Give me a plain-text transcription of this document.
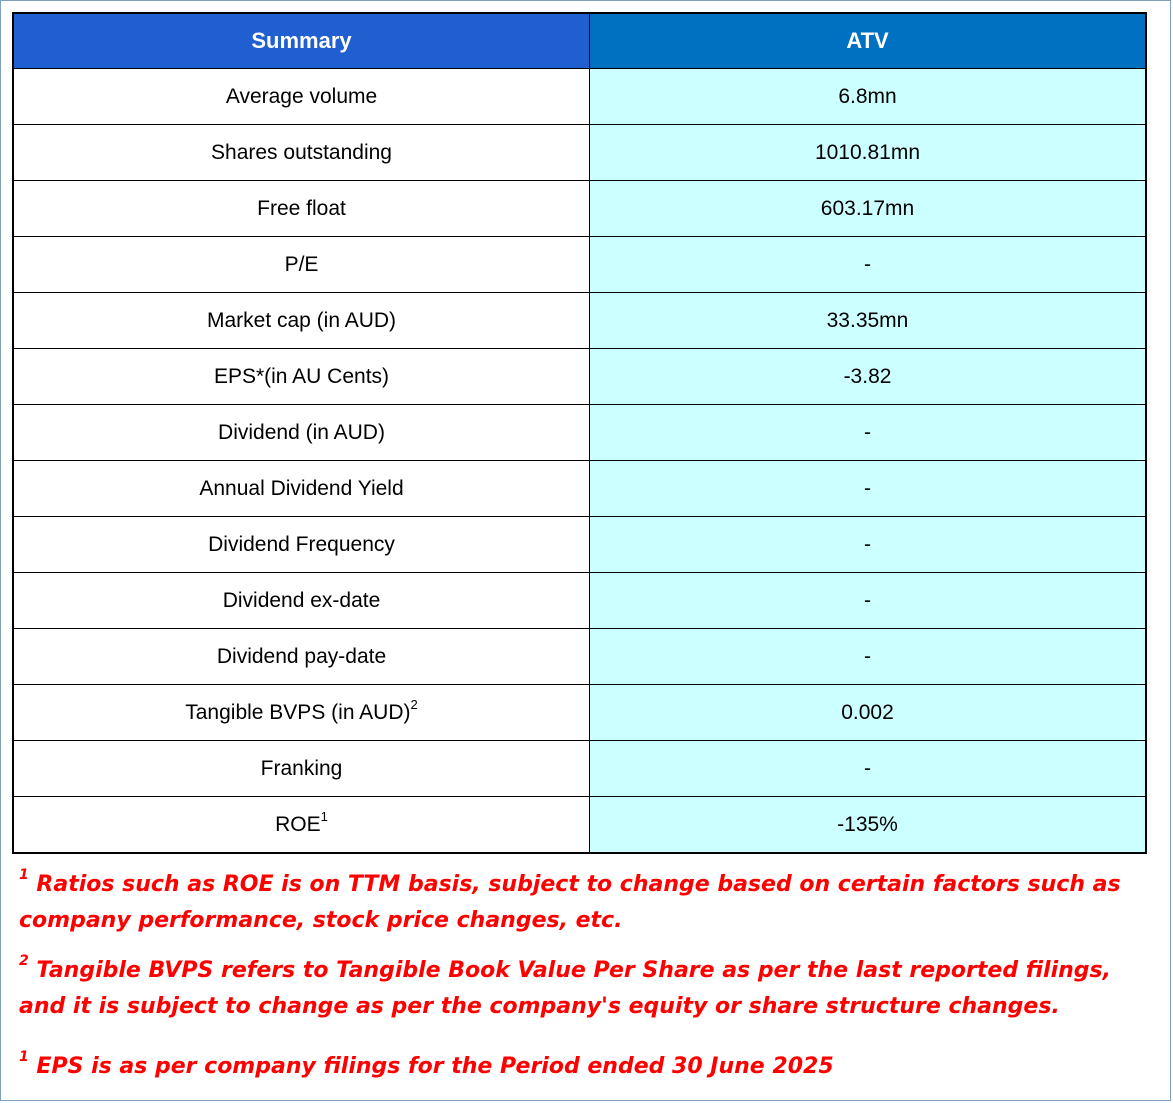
Summary	ATV
Average volume	6.8mn
Shares outstanding	1010.81mn
Free float	603.17mn
P/E	-
Market cap (in AUD)	33.35mn
EPS*(in AU Cents)	-3.82
Dividend (in AUD)	-
Annual Dividend Yield	-
Dividend Frequency	-
Dividend ex-date	-
Dividend pay-date	-
Tangible BVPS (in AUD)$^2$	0.002
Franking	-
ROE$^1$	-135%

$^1$ Ratios such as ROE is on TTM basis, subject to change based on certain factors such as company performance, stock price changes, etc.

$^2$ Tangible BVPS refers to Tangible Book Value Per Share as per the last reported filings, and it is subject to change as per the company's equity or share structure changes.

$^1$ EPS is as per company filings for the Period ended 30 June 2025
